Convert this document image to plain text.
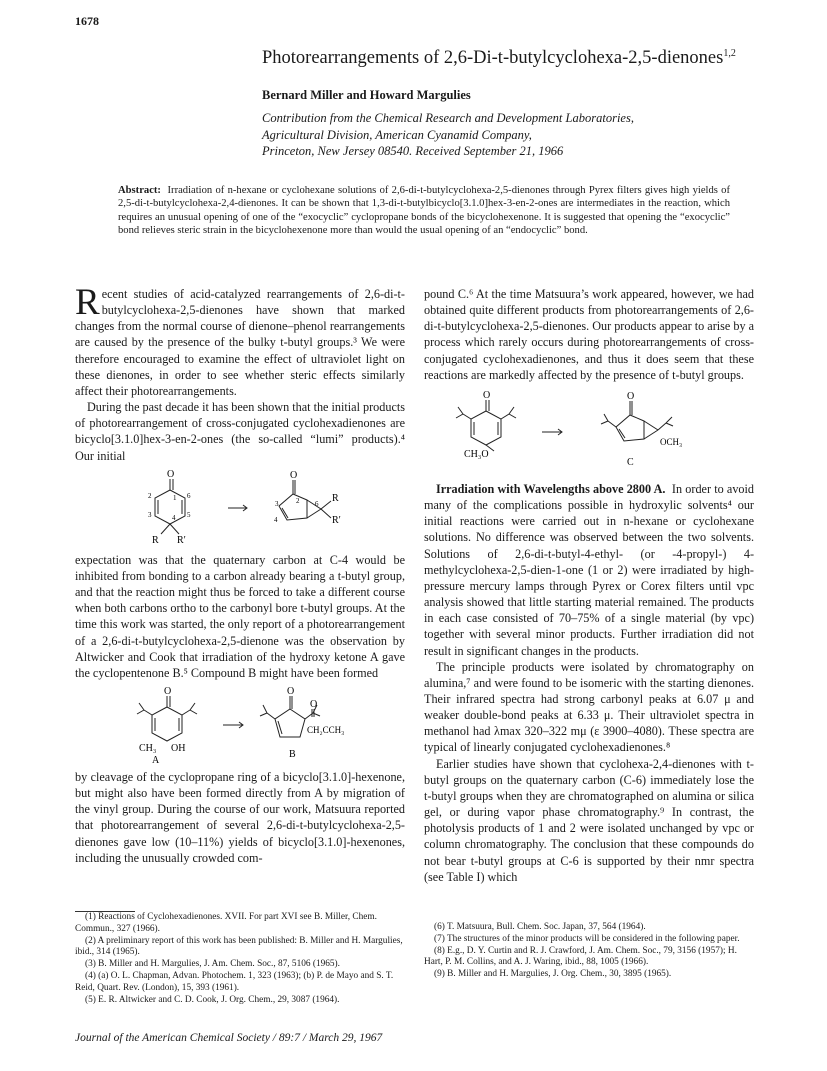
1678
Photorearrangements of 2,6-Di-t-butylcyclohexa-2,5-dienones$^{1,2}$
Bernard Miller and Howard Margulies
Contribution from the Chemical Research and Development Laboratories,
Agricultural Division, American Cyanamid Company,
Princeton, New Jersey 08540. Received September 21, 1966
Abstract: Irradiation of n-hexane or cyclohexane solutions of 2,6-di-t-butylcyclohexa-2,5-dienones through Pyrex filters gives high yields of 2,5-di-t-butylcyclohexa-2,4-dienones. It can be shown that 1,3-di-t-butylbicyclo[3.1.0]hex-3-en-2-ones are intermediates in the reaction, which requires an unusual opening of one of the “exocyclic” cyclopropane bonds of the bicyclohexenone. It is suggested that opening the “exocyclic” bond relieves steric strain in the bicyclohexenone more than would the usual opening of an “endocyclic” bond.

Recent studies of acid-catalyzed rearrangements of 2,6-di-t-butylcyclohexa-2,5-dienones have shown that marked changes from the normal course of dienone–phenol rearrangements are caused by the presence of the bulky t-butyl groups.³ We were therefore encouraged to examine the effect of ultraviolet light on these dienones, in order to see whether steric effects similarly affect their photorearrangements.

During the past decade it has been shown that the initial products of photorearrangement of cross-conjugated cyclohexadienones are bicyclo[3.1.0]hex-3-en-2-ones (the so-called “lumi” products).⁴ Our initial

O	O
R R′
R
R′
1
2
3	4 5
6
3	2
4
6

expectation was that the quaternary carbon at C-4 would be inhibited from bonding to a carbon already bearing a t-butyl group, and that the reaction might thus be forced to take a different course when both carbons ortho to the carbonyl bore t-butyl groups. At the time this work was started, the only report of a photorearrangement of a 2,6-di-t-butylcyclohexa-2,5-dienone was the observation by Altwicker and Cook that irradiation of the hydroxy ketone A gave the cyclopentenone B.⁵ Compound B might have been formed

O	O
O
CH₃ OH
CH₂CCH₃
A
B

by cleavage of the cyclopropane ring of a bicyclo[3.1.0]-hexenone, but might also have been formed directly from A by migration of the vinyl group. During the course of our work, Matsuura reported that photorearrangement of several 2,6-di-t-butylcyclohexa-2,5-dienones gave low (10–11%) yields of bicyclo[3.1.0]-hexenones, including the unusually crowded com-

pound C.⁶ At the time Matsuura’s work appeared, however, we had obtained quite different products from photorearrangements of 2,6-di-t-butylcyclohexa-2,5-dienones. Our products appear to arise by a process which rarely occurs during photorearrangements of cross-conjugated cyclohexadienones, and thus it does seem that these reactions are markedly affected by the presence of t-butyl groups.

O	O
CH₃O
OCH₃
C

Irradiation with Wavelengths above 2800 A. In order to avoid many of the complications possible in hydroxylic solvents⁴ our initial reactions were carried out in n-hexane or cyclohexane solutions. No difference was observed between the two solvents. Solutions of 2,6-di-t-butyl-4-ethyl- (or -4-propyl-) 4-methylcyclohexa-2,5-dien-1-one (1 or 2) were irradiated by high-pressure mercury lamps through Pyrex or Corex filters until vpc analysis showed that little starting material remained. The products in each case consisted of 70–75% of a single material (by vpc) together with several minor products. Further irradiation did not result in significant changes in the products.

The principle products were isolated by chromatography on alumina,⁷ and were found to be isomeric with the starting dienones. Their infrared spectra had strong carbonyl peaks at 6.07 μ and weaker double-bond peaks at 6.33 μ. Their ultraviolet spectra in methanol had λmax 320–322 mμ (ε 3900–4080). These spectra are typical of linearly conjugated cyclohexadienones.⁸

Earlier studies have shown that cyclohexa-2,4-dienones with t-butyl groups on the quaternary carbon (C-6) immediately lose the t-butyl groups when they are chromatographed on alumina or silica gel, or during vapor phase chromatography.⁹ In contrast, the photolysis products of 1 and 2 were isolated unchanged by vpc or column chromatography. The conclusion that these compounds do not bear t-butyl groups at C-6 is supported by their nmr spectra (see Table I) which

(1) Reactions of Cyclohexadienones. XVII. For part XVI see B. Miller, Chem. Commun., 327 (1966).

(2) A preliminary report of this work has been published: B. Miller and H. Margulies, ibid., 314 (1965).

(3) B. Miller and H. Margulies, J. Am. Chem. Soc., 87, 5106 (1965).

(4) (a) O. L. Chapman, Advan. Photochem. 1, 323 (1963); (b) P. de Mayo and S. T. Reid, Quart. Rev. (London), 15, 393 (1961).

(5) E. R. Altwicker and C. D. Cook, J. Org. Chem., 29, 3087 (1964).

(6) T. Matsuura, Bull. Chem. Soc. Japan, 37, 564 (1964).

(7) The structures of the minor products will be considered in the following paper.

(8) E.g., D. Y. Curtin and R. J. Crawford, J. Am. Chem. Soc., 79, 3156 (1957); H. Hart, P. M. Collins, and A. J. Waring, ibid., 88, 1005 (1966).

(9) B. Miller and H. Margulies, J. Org. Chem., 30, 3895 (1965).

Journal of the American Chemical Society / 89:7 / March 29, 1967
